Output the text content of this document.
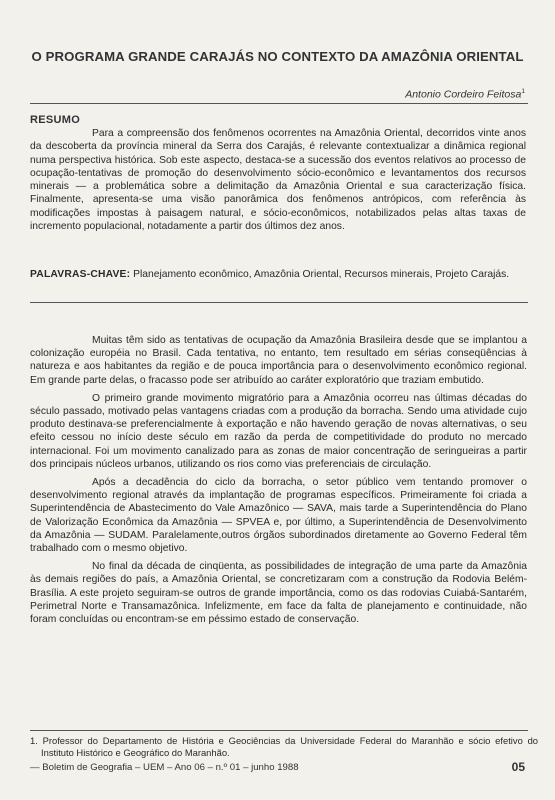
O PROGRAMA GRANDE CARAJÁS NO CONTEXTO DA AMAZÔNIA ORIENTAL
Antonio Cordeiro Feitosa$^1$
RESUMO

Para a compreensão dos fenômenos ocorrentes na Amazônia Oriental, decorridos vinte anos da descoberta da província mineral da Serra dos Carajás, é relevante contextualizar a dinâmica regional numa perspectiva histórica. Sob este aspecto, destaca-se a sucessão dos eventos relativos ao processo de ocupação-tentativas de promoção do desenvolvimento sócio-econômico e levantamentos dos recursos minerais — a problemática sobre a delimitação da Amazônia Oriental e sua caracterização física. Finalmente, apresenta-se uma visão panorâmica dos fenômenos antrópicos, com referência às modificações impostas à paisagem natural, e sócio-econômicos, notabilizados pelas altas taxas de incremento populacional, notadamente a partir dos últimos dez anos.

PALAVRAS-CHAVE: Planejamento econômico, Amazônia Oriental, Recursos minerais, Projeto Carajás.

Muitas têm sido as tentativas de ocupação da Amazônia Brasileira desde que se implantou a colonização européia no Brasil. Cada tentativa, no entanto, tem resultado em sérias conseqüências à natureza e aos habitantes da região e de pouca importância para o desenvolvimento econômico regional. Em grande parte delas, o fracasso pode ser atribuído ao caráter exploratório que traziam embutido.

O primeiro grande movimento migratório para a Amazônia ocorreu nas últimas décadas do século passado, motivado pelas vantagens criadas com a produção da borracha. Sendo uma atividade cujo produto destinava-se preferencialmente à exportação e não havendo geração de novas alternativas, o seu efeito cessou no início deste século em razão da perda de competitividade do produto no mercado internacional. Foi um movimento canalizado para as zonas de maior concentração de seringueiras a partir dos principais núcleos urbanos, utilizando os rios como vias preferenciais de circulação.

Após a decadência do ciclo da borracha, o setor público vem tentando promover o desenvolvimento regional através da implantação de programas específicos. Primeiramente foi criada a Superintendência de Abastecimento do Vale Amazônico — SAVA, mais tarde a Superintendência do Plano de Valorização Econômica da Amazônia — SPVEA e, por último, a Superintendência de Desenvolvimento da Amazônia — SUDAM. Paralelamente,outros órgãos subordinados diretamente ao Governo Federal têm trabalhado com o mesmo objetivo.

No final da década de cinqüenta, as possibilidades de integração de uma parte da Amazônia às demais regiões do país, a Amazônia Oriental, se concretizaram com a construção da Rodovia Belém-Brasília. A este projeto seguiram-se outros de grande importância, como os das rodovias Cuiabá-Santarém, Perimetral Norte e Transamazônica. Infelizmente, em face da falta de planejamento e continuidade, não foram concluídas ou encontram-se em péssimo estado de conservação.

1. Professor do Departamento de História e Geociências da Universidade Federal do Maranhão e sócio efetivo do Instituto Histórico e Geográfico do Maranhão.

— Boletim de Geografia – UEM – Ano 06 – n.º 01 – junho 1988	05
